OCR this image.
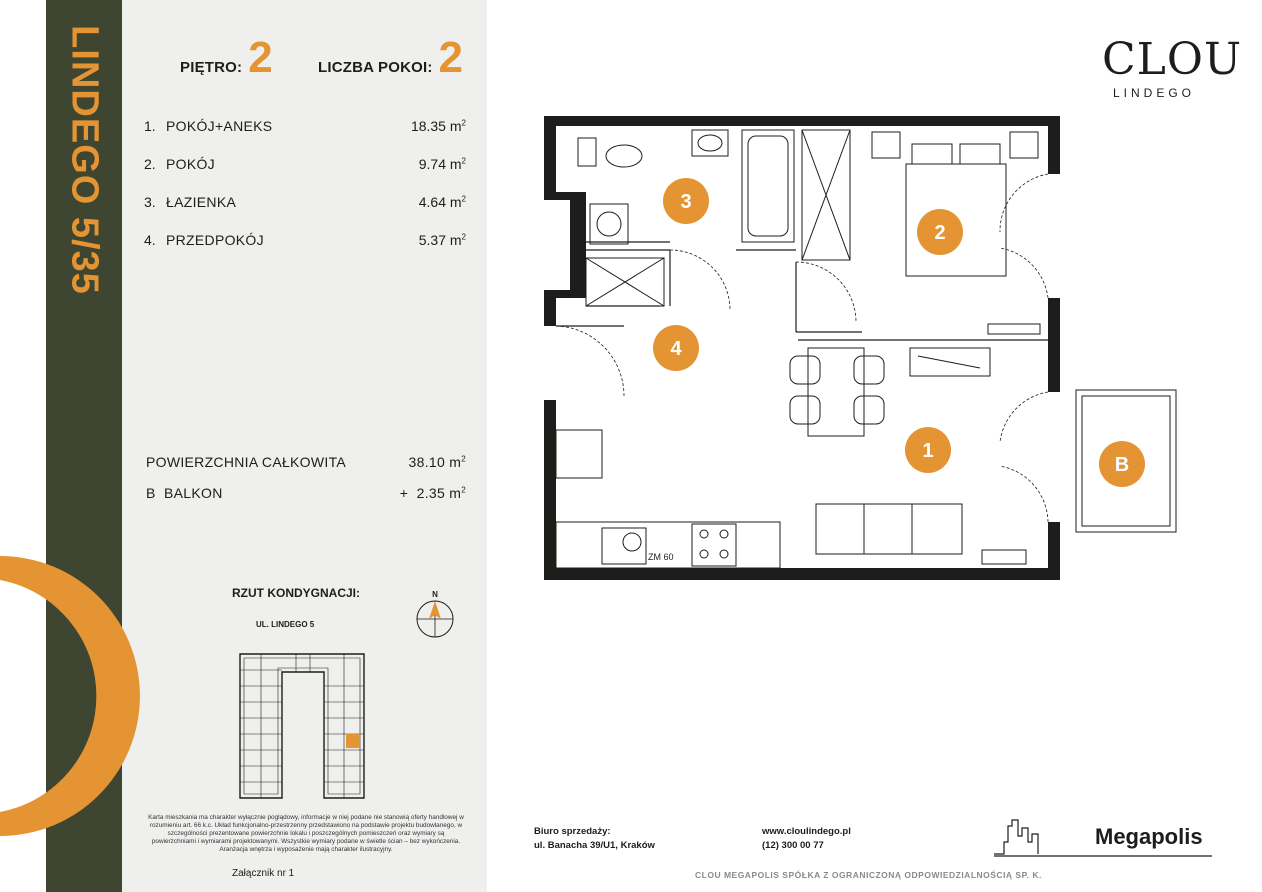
LINDEGO 5/35	PIĘTRO: 2	LICZBA POKOI: 2
1. POKÓJ+ANEKS	18.35 $m^2$
2. POKÓJ	9.74 $m^2$
3. ŁAZIENKA	4.64 $m^2$
4. PRZEDPOKÓJ	5.37 $m^2$
POWIERZCHNIA CAŁKOWITA	38.10 $m^2$
B  BALKON	+  2.35 $m^2$
RZUT KONDYGNACJI:
UL. LINDEGO 5
N
Karta mieszkania ma charakter wyłącznie poglądowy, informacje w niej podane nie stanowią oferty handlowej w rozumieniu art. 66 k.c. Układ funkcjonalno-przestrzenny przedstawiono na podstawie projektu budowlanego, w szczególności prezentowane powierzchnie lokalu i poszczególnych pomieszczeń oraz wymiary są powierzchniami i wymiarami projektowanymi. Wszystkie wymiary podane w świetle ścian – bez wykończenia. Aranżacja wnętrza i wyposażenie mają charakter ilustracyjny.
Załącznik nr 1
CLOU
LINDEGO
3
2
4
1
B
ZM 60
Biuro sprzedaży:
ul. Banacha 39/U1, Kraków
www.cloulindego.pl
(12) 300 00 77	Megapolis
CLOU MEGAPOLIS SPÓŁKA Z OGRANICZONĄ ODPOWIEDZIALNOŚCIĄ SP. K.
